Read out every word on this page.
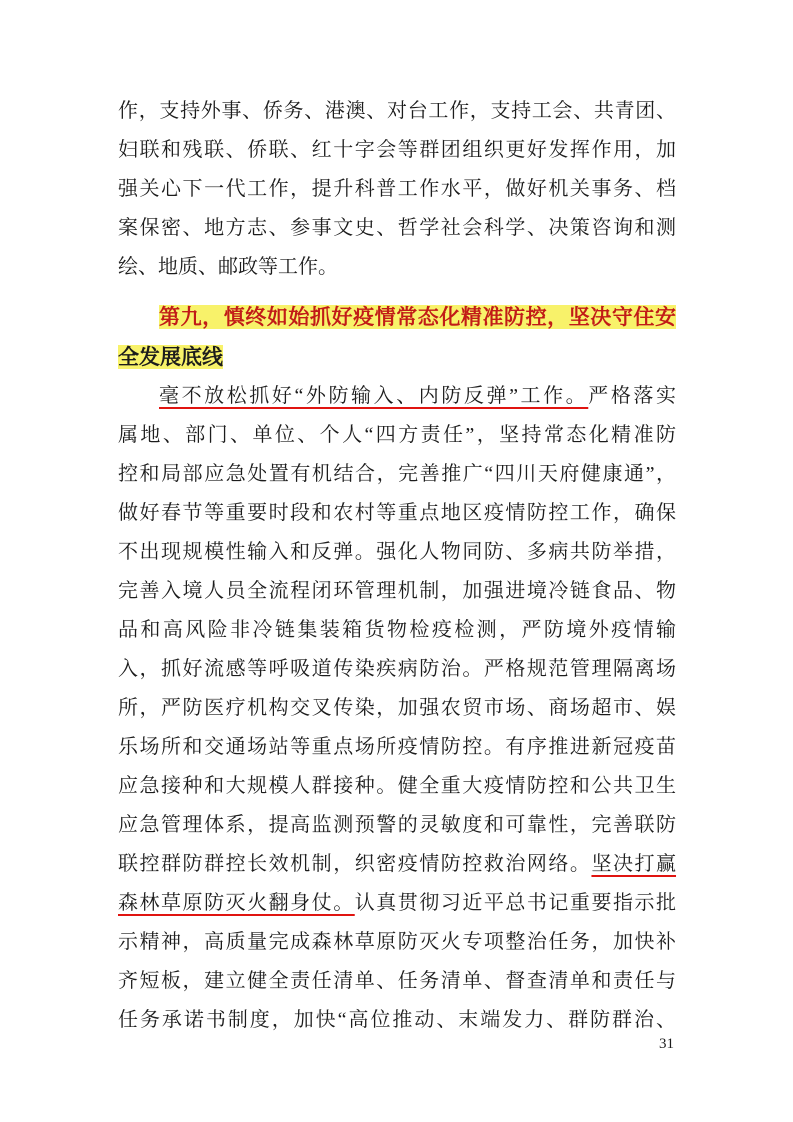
作，支持外事、侨务、港澳、对台工作，支持工会、共青团、
妇联和残联、侨联、红十字会等群团组织更好发挥作用，加
强关心下一代工作，提升科普工作水平，做好机关事务、档
案保密、地方志、参事文史、哲学社会科学、决策咨询和测
绘、地质、邮政等工作。
第九，慎终如始抓好疫情常态化精准防控，坚决守住安
全发展底线
毫不放松抓好“外防输入、内防反弹”工作。严格落实
属地、部门、单位、个人“四方责任”，坚持常态化精准防
控和局部应急处置有机结合，完善推广“四川天府健康通”，
做好春节等重要时段和农村等重点地区疫情防控工作，确保
不出现规模性输入和反弹。强化人物同防、多病共防举措，
完善入境人员全流程闭环管理机制，加强进境冷链食品、物
品和高风险非冷链集装箱货物检疫检测，严防境外疫情输
入，抓好流感等呼吸道传染疾病防治。严格规范管理隔离场
所，严防医疗机构交叉传染，加强农贸市场、商场超市、娱
乐场所和交通场站等重点场所疫情防控。有序推进新冠疫苗
应急接种和大规模人群接种。健全重大疫情防控和公共卫生
应急管理体系，提高监测预警的灵敏度和可靠性，完善联防
联控群防群控长效机制，织密疫情防控救治网络。坚决打赢
森林草原防灭火翻身仗。认真贯彻习近平总书记重要指示批
示精神，高质量完成森林草原防灭火专项整治任务，加快补
齐短板，建立健全责任清单、任务清单、督查清单和责任与
任务承诺书制度，加快“高位推动、末端发力、群防群治、
31
